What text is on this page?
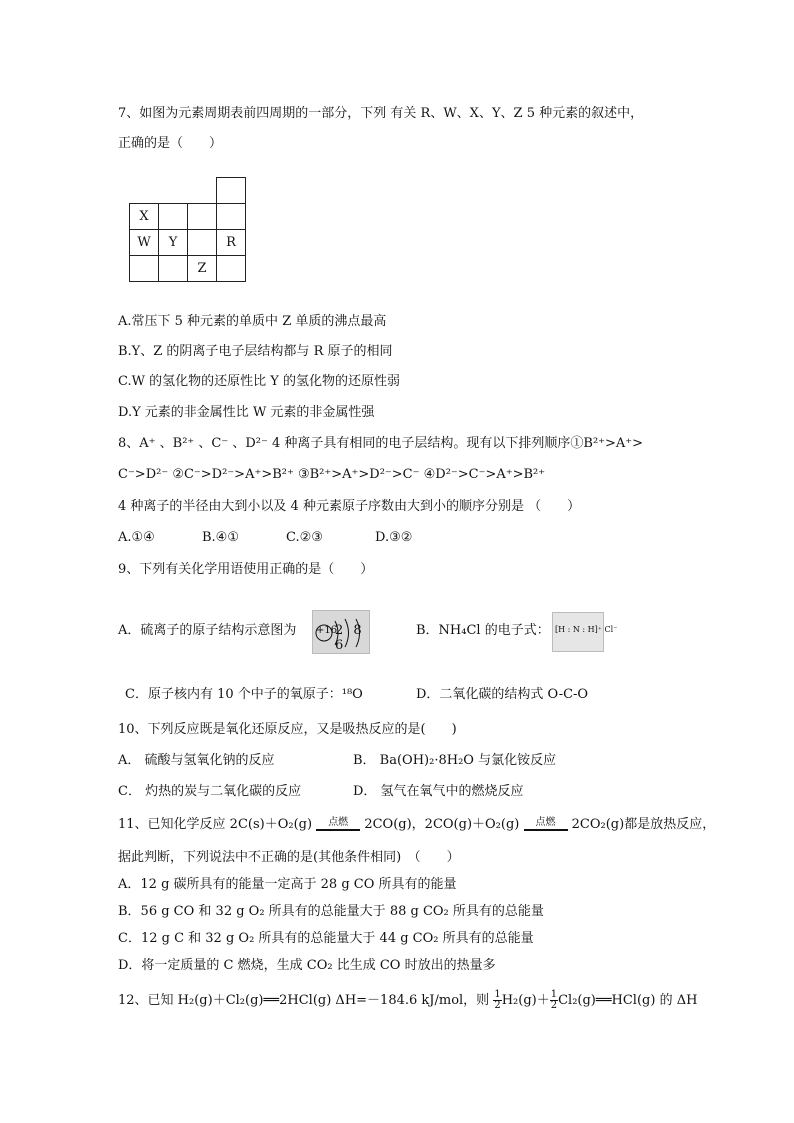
7、如图为元素周期表前四周期的一部分，下列 有关 R、W、X、Y、Z 5 种元素的叙述中，
正确的是（　　）

X			
W	Y		R
		Z	
A.常压下 5 种元素的单质中 Z 单质的沸点最高
B.Y、Z 的阴离子电子层结构都与 R 原子的相同
C.W 的氢化物的还原性比 Y 的氢化物的还原性弱
D.Y 元素的非金属性比 W 元素的非金属性强
8、A⁺ 、B²⁺ 、C⁻ 、D²⁻ 4 种离子具有相同的电子层结构。现有以下排列顺序①B²⁺>A⁺>
C⁻>D²⁻ ②C⁻>D²⁻>A⁺>B²⁺ ③B²⁺>A⁺>D²⁻>C⁻ ④D²⁻>C⁻>A⁺>B²⁺
4 种离子的半径由大到小以及 4 种元素原子序数由大到小的顺序分别是 （　　）
A.①④	B.④①	C.②③	D.③②
9、下列有关化学用语使用正确的是（　　）
A．硫离子的原子结构示意图为 +16
2 8 6
B．NH₄Cl 的电子式： [H : N : H]⁺ Cl⁻
C．原子核内有 10 个中子的氧原子：¹⁸O	D．二氧化碳的结构式 O-C-O
10、下列反应既是氧化还原反应，又是吸热反应的是(　　)
A． 硫酸与氢氧化钠的反应	B． Ba(OH)₂·8H₂O 与氯化铵反应
C． 灼热的炭与二氧化碳的反应	D． 氢气在氧气中的燃烧反应
11、已知化学反应 2C(s)＋O₂(g)	点燃	2CO(g)，2CO(g)＋O₂(g)	点燃	2CO₂(g)都是放热反应，
据此判断，下列说法中不正确的是(其他条件相同)　（　　）
A．12 g 碳所具有的能量一定高于 28 g CO 所具有的能量
B．56 g CO 和 32 g O₂ 所具有的总能量大于 88 g CO₂ 所具有的总能量
C．12 g C 和 32 g O₂ 所具有的总能量大于 44 g CO₂ 所具有的总能量
D．将一定质量的 C 燃烧，生成 CO₂ 比生成 CO 时放出的热量多
12、已知 H₂(g)＋Cl₂(g)══2HCl(g) ΔH=－184.6 kJ/mol，则 $\frac{1}{2} H_2(g)+ \frac{1}{2}$ Cl₂(g)══HCl(g) 的 ΔH
